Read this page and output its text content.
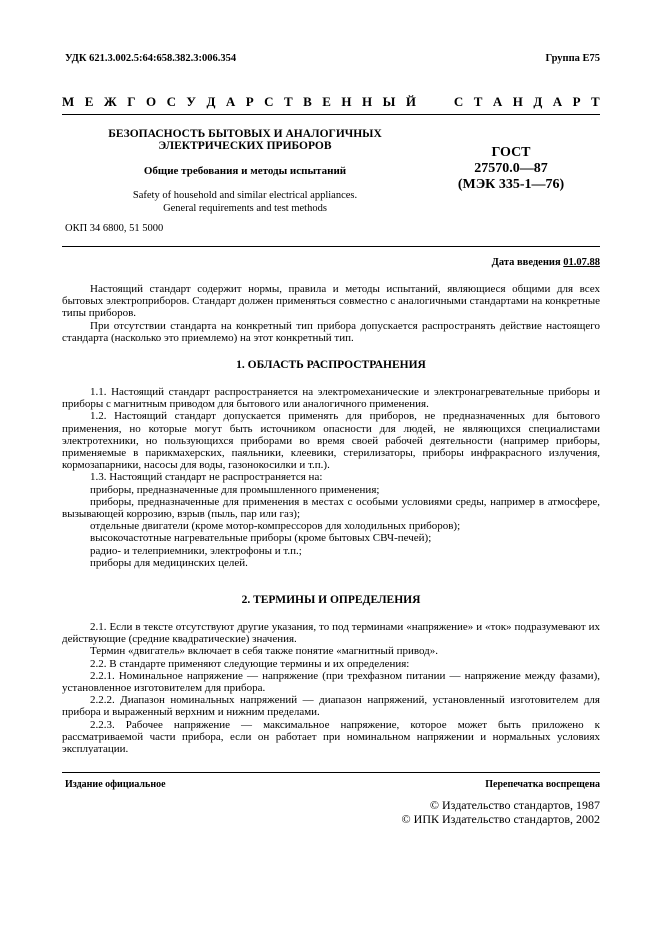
УДК 621.3.002.5:64:658.382.3:006.354	Группа Е75
М Е Ж Г О С У Д А Р С Т В Е Н Н Ы Й

	С Т А Н Д А Р Т
БЕЗОПАСНОСТЬ БЫТОВЫХ И АНАЛОГИЧНЫХ
ЭЛЕКТРИЧЕСКИХ ПРИБОРОВ
Общие требования и методы испытаний
Safety of household and similar electrical appliances.
General requirements and test methods
ГОСТ
27570.0—87
(МЭК 335-1—76)
ОКП 34 6800, 51 5000
Дата введения 01.07.88

Настоящий стандарт содержит нормы, правила и методы испытаний, являющиеся общими для всех бытовых электроприборов. Стандарт должен применяться совместно с аналогичными стандартами на конкретные типы приборов.

При отсутствии стандарта на конкретный тип прибора допускается распространять действие настоящего стандарта (насколько это приемлемо) на этот конкретный тип.

1. ОБЛАСТЬ РАСПРОСТРАНЕНИЯ

1.1. Настоящий стандарт распространяется на электромеханические и электронагревательные приборы и приборы с магнитным приводом для бытового или аналогичного применения.

1.2. Настоящий стандарт допускается применять для приборов, не предназначенных для бытового применения, но которые могут быть источником опасности для людей, не являющихся специалистами электротехники, но пользующихся приборами во время своей рабочей деятельности (например приборы, применяемые в парикмахерских, паяльники, клеевики, стерилизаторы, приборы инфракрасного излучения, кормозапарники, насосы для воды, газонокосилки и т.п.).

1.3. Настоящий стандарт не распространяется на:

приборы, предназначенные для промышленного применения;

приборы, предназначенные для применения в местах с особыми условиями среды, например в атмосфере, вызывающей коррозию, взрыв (пыль, пар или газ);

отдельные двигатели (кроме мотор-компрессоров для холодильных приборов);

высокочастотные нагревательные приборы (кроме бытовых СВЧ-печей);

радио- и телеприемники, электрофоны и т.п.;

приборы для медицинских целей.

2. ТЕРМИНЫ И ОПРЕДЕЛЕНИЯ

2.1. Если в тексте отсутствуют другие указания, то под терминами «напряжение» и «ток» подразумевают их действующие (средние квадратические) значения.

Термин «двигатель» включает в себя также понятие «магнитный привод».

2.2. В стандарте применяют следующие термины и их определения:

2.2.1. Номинальное напряжение — напряжение (при трехфазном питании — напряжение между фазами), установленное изготовителем для прибора.

2.2.2. Диапазон номинальных напряжений — диапазон напряжений, установленный изготовителем для прибора и выраженный верхним и нижним пределами.

2.2.3. Рабочее напряжение — максимальное напряжение, которое может быть приложено к рассматриваемой части прибора, если он работает при номинальном напряжении и нормальных условиях эксплуатации.

Издание официальное	Перепечатка воспрещена
© Издательство стандартов, 1987
© ИПК Издательство стандартов, 2002
